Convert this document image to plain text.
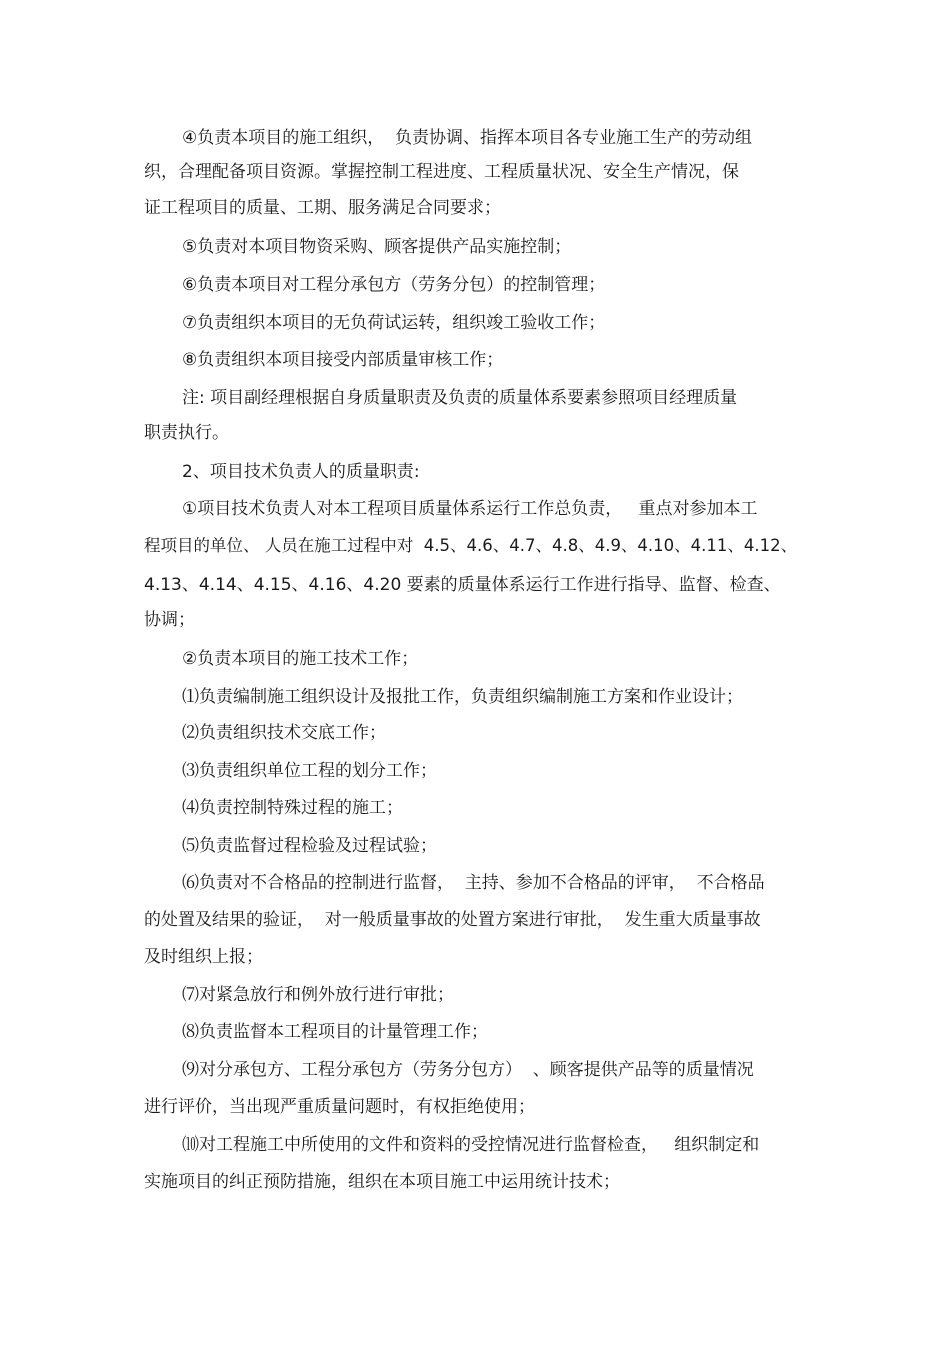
④负责本项目的施工组织，  负责协调、指挥本项目各专业施工生产的劳动组

织，合理配备项目资源。掌握控制工程进度、工程质量状况、安全生产情况，保

证工程项目的质量、工期、服务满足合同要求；

⑤负责对本项目物资采购、顾客提供产品实施控制；

⑥负责本项目对工程分承包方（劳务分包）的控制管理；

⑦负责组织本项目的无负荷试运转，组织竣工验收工作；

⑧负责组织本项目接受内部质量审核工作；

注: 项目副经理根据自身质量职责及负责的质量体系要素参照项目经理质量

职责执行。

2、项目技术负责人的质量职责:

①项目技术负责人对本工程项目质量体系运行工作总负责，   重点对参加本工

程项目的单位、 人员在施工过程中对  4.5、4.6、4.7、4.8、4.9、4.10、4.11、4.12、

4.13、4.14、4.15、4.16、4.20 要素的质量体系运行工作进行指导、监督、检查、

协调；

②负责本项目的施工技术工作；

⑴负责编制施工组织设计及报批工作，负责组织编制施工方案和作业设计；

⑵负责组织技术交底工作；

⑶负责组织单位工程的划分工作；

⑷负责控制特殊过程的施工；

⑸负责监督过程检验及过程试验；

⑹负责对不合格品的控制进行监督，  主持、参加不合格品的评审，  不合格品

的处置及结果的验证，  对一般质量事故的处置方案进行审批，  发生重大质量事故

及时组织上报；

⑺对紧急放行和例外放行进行审批；

⑻负责监督本工程项目的计量管理工作；

⑼对分承包方、工程分承包方（劳务分包方）  、顾客提供产品等的质量情况

进行评价，当出现严重质量问题时，有权拒绝使用；

⑽对工程施工中所使用的文件和资料的受控情况进行监督检查，   组织制定和

实施项目的纠正预防措施，组织在本项目施工中运用统计技术；
